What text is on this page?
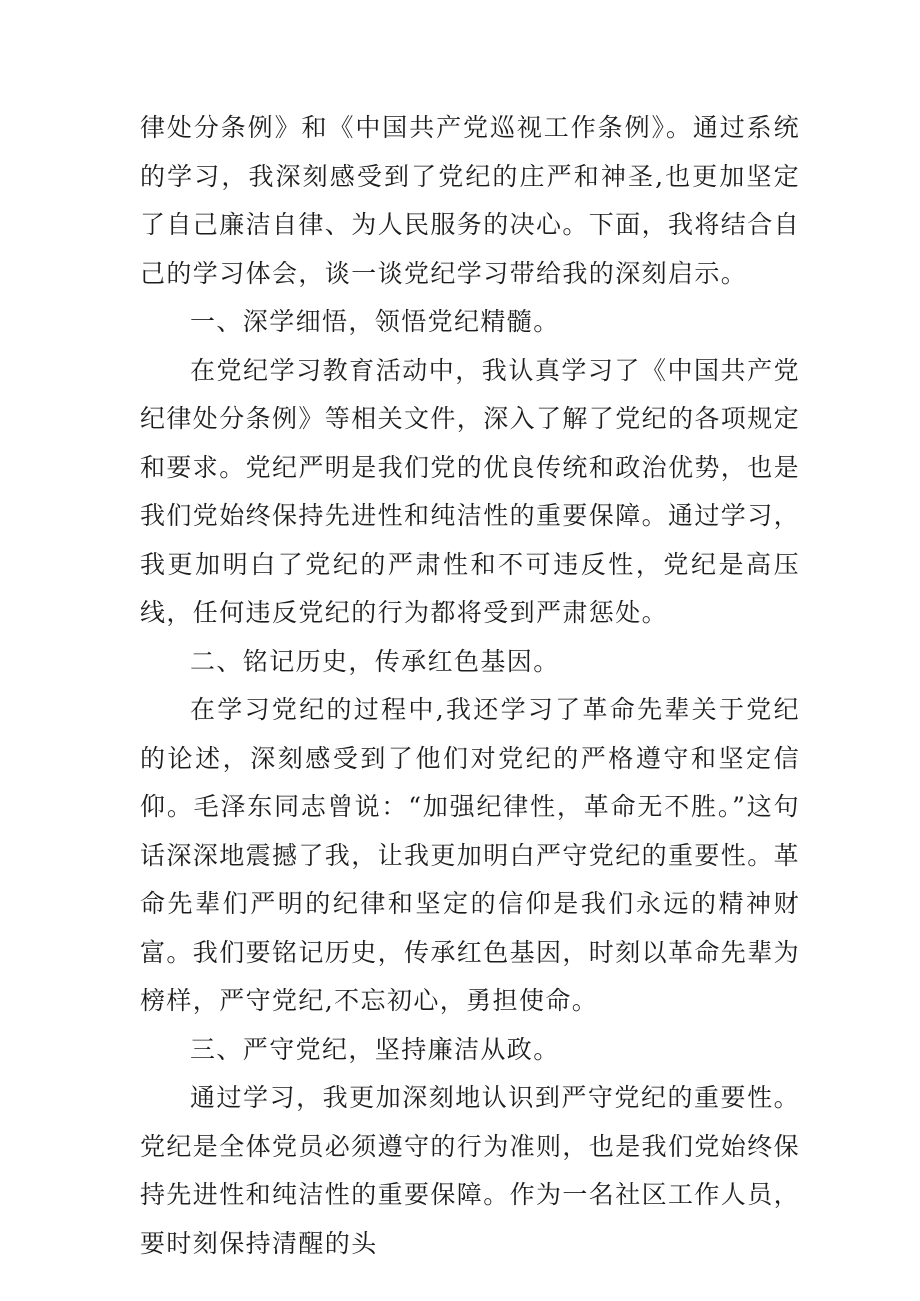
律处分条例》和《中国共产党巡视工作条例》。通过系统的学习，我深刻感受到了党纪的庄严和神圣,也更加坚定了自己廉洁自律、为人民服务的决心。下面，我将结合自己的学习体会，谈一谈党纪学习带给我的深刻启示。

一、深学细悟，领悟党纪精髓。

在党纪学习教育活动中，我认真学习了《中国共产党纪律处分条例》等相关文件，深入了解了党纪的各项规定和要求。党纪严明是我们党的优良传统和政治优势，也是我们党始终保持先进性和纯洁性的重要保障。通过学习，我更加明白了党纪的严肃性和不可违反性，党纪是高压线，任何违反党纪的行为都将受到严肃惩处。

二、铭记历史，传承红色基因。

在学习党纪的过程中,我还学习了革命先辈关于党纪的论述，深刻感受到了他们对党纪的严格遵守和坚定信仰。毛泽东同志曾说：“加强纪律性，革命无不胜。”这句话深深地震撼了我，让我更加明白严守党纪的重要性。革命先辈们严明的纪律和坚定的信仰是我们永远的精神财富。我们要铭记历史，传承红色基因，时刻以革命先辈为榜样，严守党纪,不忘初心，勇担使命。

三、严守党纪，坚持廉洁从政。

通过学习，我更加深刻地认识到严守党纪的重要性。党纪是全体党员必须遵守的行为准则，也是我们党始终保持先进性和纯洁性的重要保障。作为一名社区工作人员，要时刻保持清醒的头
